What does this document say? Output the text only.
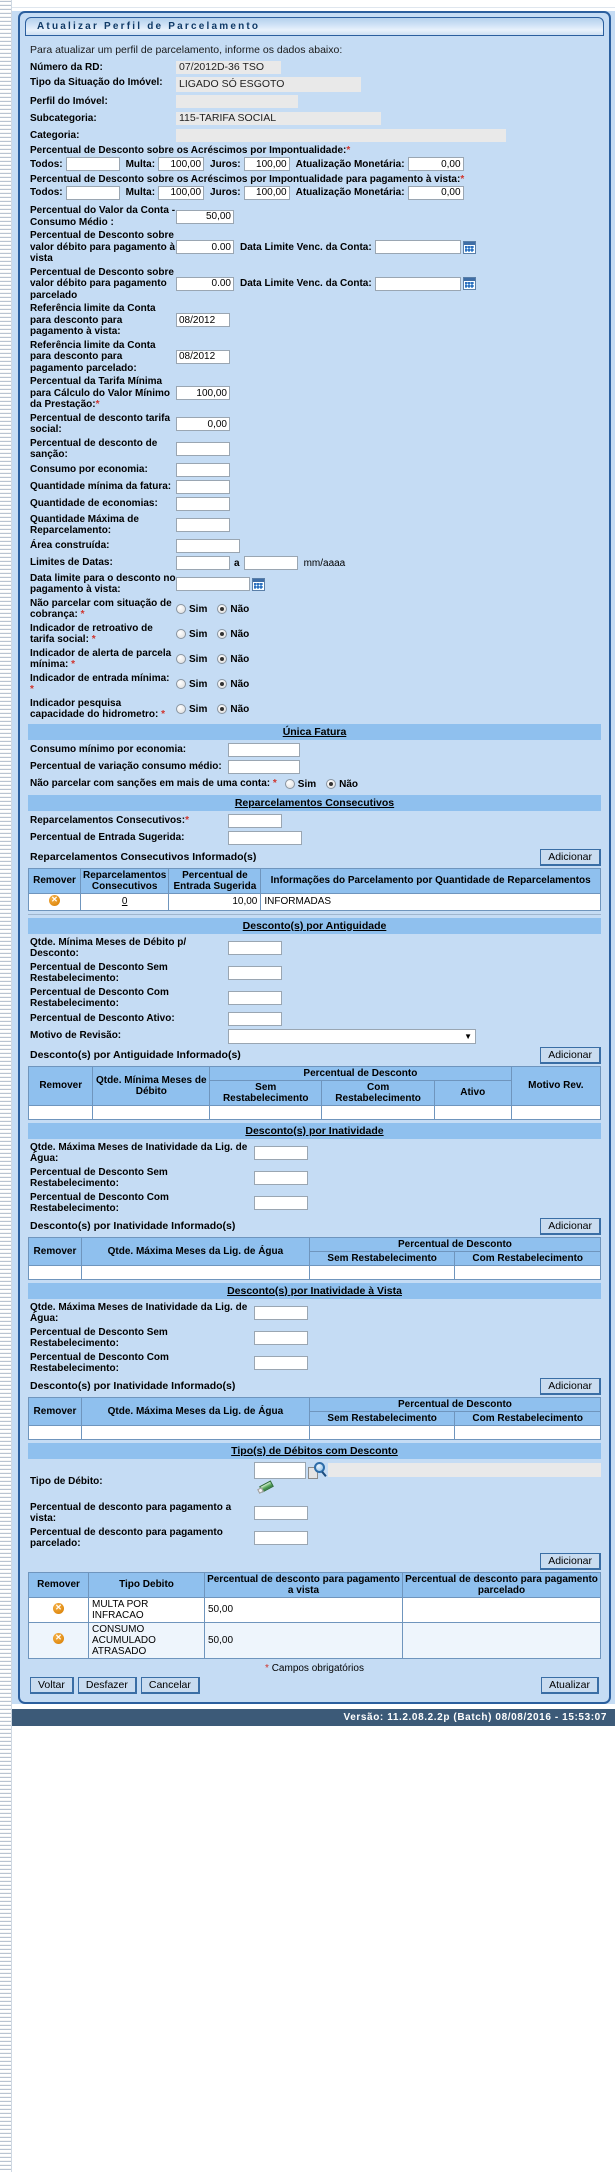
Atualizar Perfil de Parcelamento
Para atualizar um perfil de parcelamento, informe os dados abaixo:
Número da RD:	07/2012D-36 TSO
Tipo da Situação do Imóvel:	LIGADO SÓ ESGOTO
Perfil do Imóvel:
Subcategoria:	115-TARIFA SOCIAL
Categoria:
Percentual de Desconto sobre os Acréscimos por Impontualidade:*
Todos:	Multa:
100,00	Juros:
100,00	Atualização Monetária:
0,00
Percentual de Desconto sobre os Acréscimos por Impontualidade para pagamento à vista:*
Todos:	Multa:
100,00	Juros:
100,00	Atualização Monetária:
0,00
Percentual do Valor da Conta - Consumo Médio :
50,00
Percentual de Desconto sobre valor débito para pagamento à vista
0.00
Data Limite Venc. da Conta:
Percentual de Desconto sobre valor débito para pagamento parcelado
0.00
Data Limite Venc. da Conta:
Referência limite da Conta para desconto para pagamento à vista:
08/2012
Referência limite da Conta para desconto para pagamento parcelado:
08/2012
Percentual da Tarifa Mínima para Cálculo do Valor Mínimo da Prestação:*
100,00
Percentual de desconto tarifa social:
0,00
Percentual de desconto de sanção:
Consumo por economia:
Quantidade mínima da fatura:
Quantidade de economias:
Quantidade Máxima de Reparcelamento:
Área construída:
Limites de Datas:	a	mm/aaaa
Data limite para o desconto no pagamento à vista:
Não parcelar com situação de cobrança: *	Sim	Não
Indicador de retroativo de tarifa social: *	Sim	Não
Indicador de alerta de parcela mínima: *	Sim	Não
Indicador de entrada mínima: *	Sim	Não
Indicador pesquisa capacidade do hidrometro: *	Sim	Não
Única Fatura
Consumo mínimo por economia:
Percentual de variação consumo médio:
Não parcelar com sanções em mais de uma conta: * Sim	Não
Reparcelamentos Consecutivos
Reparcelamentos Consecutivos:*
Percentual de Entrada Sugerida:
Reparcelamentos Consecutivos Informado(s)	Adicionar
Remover	Reparcelamentos Consecutivos	Percentual de Entrada Sugerida	Informações do Parcelamento por Quantidade de Reparcelamentos
✕	0	10,00	INFORMADAS
Desconto(s) por Antiguidade
Qtde. Mínima Meses de Débito p/ Desconto:
Percentual de Desconto Sem Restabelecimento:
Percentual de Desconto Com Restabelecimento:
Percentual de Desconto Ativo:
Motivo de Revisão:	▼
Desconto(s) por Antiguidade Informado(s)	Adicionar
Remover	Qtde. Mínima Meses de Débito	Percentual de Desconto			Motivo Rev.
		Sem Restabelecimento	Com Restabelecimento	Ativo	

Desconto(s) por Inatividade
Qtde. Máxima Meses de Inatividade da Lig. de Água:
Percentual de Desconto Sem Restabelecimento:
Percentual de Desconto Com Restabelecimento:
Desconto(s) por Inatividade Informado(s)	Adicionar
Remover	Qtde. Máxima Meses da Lig. de Água	Percentual de Desconto	
		Sem Restabelecimento	Com Restabelecimento

Desconto(s) por Inatividade à Vista
Qtde. Máxima Meses de Inatividade da Lig. de Água:
Percentual de Desconto Sem Restabelecimento:
Percentual de Desconto Com Restabelecimento:
Desconto(s) por Inatividade Informado(s)	Adicionar
Remover	Qtde. Máxima Meses da Lig. de Água	Percentual de Desconto	
		Sem Restabelecimento	Com Restabelecimento

Tipo(s) de Débitos com Desconto
Tipo de Débito:
Percentual de desconto para pagamento a vista:
Percentual de desconto para pagamento parcelado:
Adicionar
Remover	Tipo Debito	Percentual de desconto para pagamento a vista	Percentual de desconto para pagamento parcelado
✕	MULTA POR INFRACAO	50,00	
✕	CONSUMO ACUMULADO ATRASADO	50,00	
* Campos obrigatórios
Voltar	Desfazer	Cancelar	Atualizar
Versão: 11.2.08.2.2p (Batch) 08/08/2016 - 15:53:07
